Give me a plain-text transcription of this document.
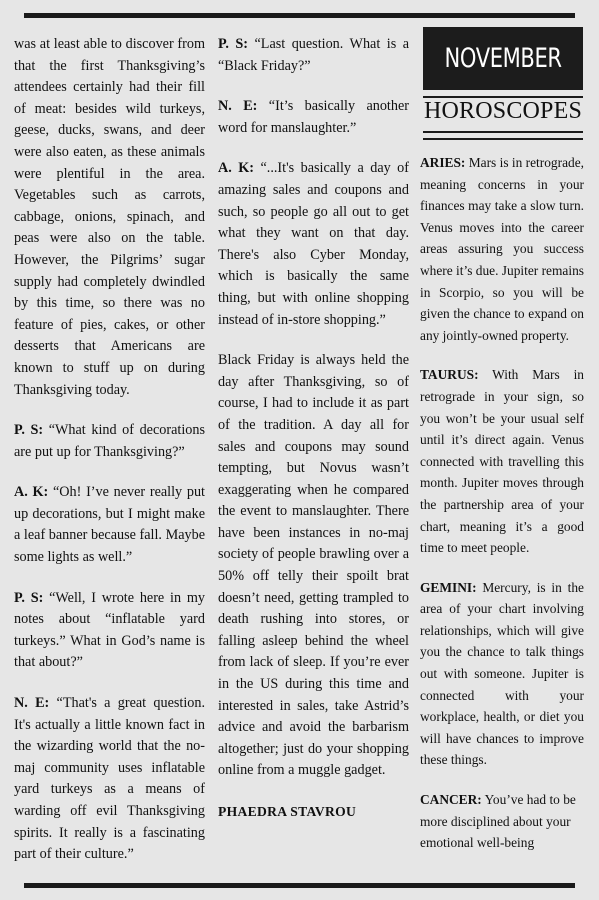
was at least able to discover from that the first Thanksgiving’s attendees certainly had their fill of meat: besides wild turkeys, geese, ducks, swans, and deer were also eaten, as these animals were plentiful in the area. Vegetables such as carrots, cabbage, onions, spinach, and peas were also on the table. However, the Pilgrims’ sugar supply had completely dwindled by this time, so there was no feature of pies, cakes, or other desserts that Americans are known to stuff up on during Thanksgiving today.

P. S: “What kind of decorations are put up for Thanksgiving?”

A. K: “Oh! I’ve never really put up decorations, but I might make a leaf banner because fall. Maybe some lights as well.”

P. S: “Well, I wrote here in my notes about “inflatable yard turkeys.” What in God’s name is that about?”

N. E: “That's a great question. It's actually a little known fact in the wizarding world that the no-maj community uses inflatable yard turkeys as a means of warding off evil Thanksgiving spirits. It really is a fascinating part of their culture.”

P. S: “Last question. What is a “Black Friday?”

N. E: “It’s basically another word for manslaughter.”

A. K: “...It's basically a day of amazing sales and coupons and such, so people go all out to get what they want on that day. There's also Cyber Monday, which is basically the same thing, but with online shopping instead of in-store shopping.”

Black Friday is always held the day after Thanksgiving, so of course, I had to include it as part of the tradition. A day all for sales and coupons may sound tempting, but Novus wasn’t exaggerating when he compared the event to manslaughter. There have been instances in no-maj society of people brawling over a 50% off telly their spoilt brat doesn’t need, getting trampled to death rushing into stores, or falling asleep behind the wheel from lack of sleep. If you’re ever in the US during this time and interested in sales, take Astrid’s advice and avoid the barbarism altogether; just do your shopping online from a muggle gadget.

PHAEDRA STAVROU

NOVEMBER
HOROSCOPES

ARIES: Mars is in retrograde, meaning concerns in your finances may take a slow turn. Venus moves into the career areas assuring you success where it’s due. Jupiter remains in Scorpio, so you will be given the chance to expand on any jointly-owned property.

TAURUS: With Mars in retrograde in your sign, so you won’t be your usual self until it’s direct again. Venus connected with travelling this month. Jupiter moves through the partnership area of your chart, meaning it’s a good time to meet people.

GEMINI: Mercury, is in the area of your chart involving relationships, which will give you the chance to talk things out with someone. Jupiter is connected with your workplace, health, or diet you will have chances to improve these things.

CANCER: You’ve had to be more disciplined about your emotional well-being
